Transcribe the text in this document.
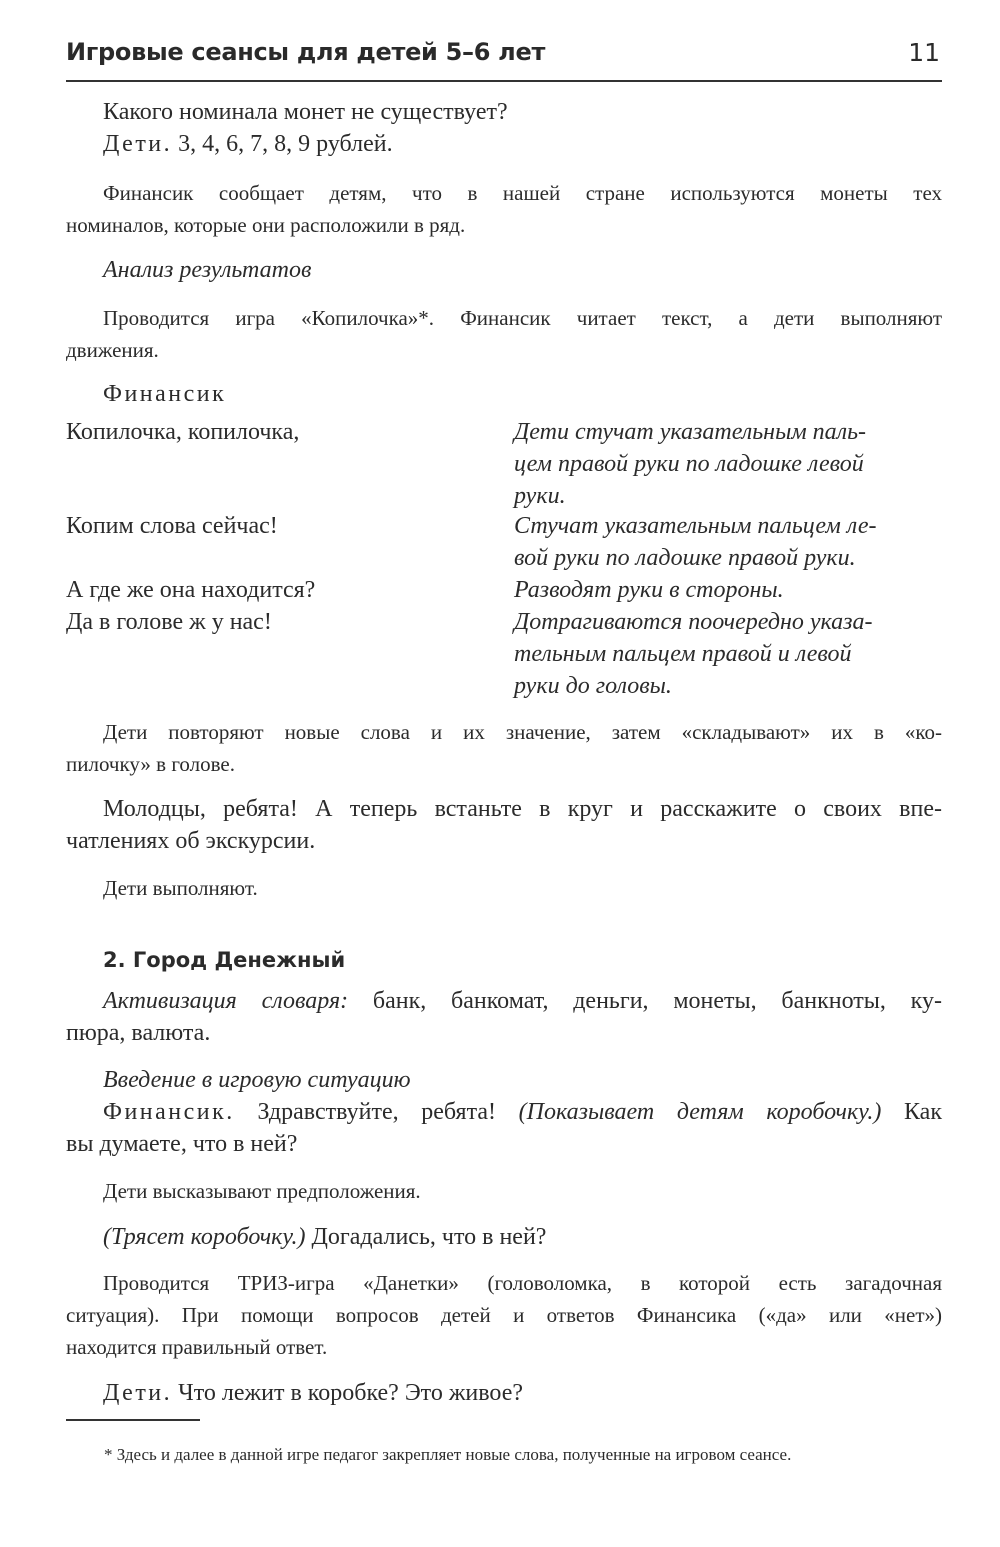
Игровые сеансы для детей 5–6 лет	11
Какого номинала монет не существует?
Дети. 3, 4, 6, 7, 8, 9 рублей.
Финансик сообщает детям, что в нашей стране используются монеты тех
номиналов, которые они расположили в ряд.
Анализ результатов
Проводится игра «Копилочка»*. Финансик читает текст, а дети выполняют
движения.
Финансик
Копилочка, копилочка,	Дети стучат указательным паль-
цем правой руки по ладошке левой
руки.
Копим слова сейчас!	Стучат указательным пальцем ле-
вой руки по ладошке правой руки.
А где же она находится?	Разводят руки в стороны.
Да в голове ж у нас!	Дотрагиваются поочередно указа-
тельным пальцем правой и левой
руки до головы.
Дети повторяют новые слова и их значение, затем «складывают» их в «ко-
пилочку» в голове.
Молодцы, ребята! А теперь встаньте в круг и расскажите о своих впе-
чатлениях об экскурсии.
Дети выполняют.
2. Город Денежный
Активизация словаря: банк, банкомат, деньги, монеты, банкноты, ку-
пюра, валюта.
Введение в игровую ситуацию
Финансик. Здравствуйте, ребята! (Показывает детям коробочку.) Как
вы думаете, что в ней?
Дети высказывают предположения.
(Трясет коробочку.) Догадались, что в ней?
Проводится ТРИЗ-игра «Данетки» (головоломка, в которой есть загадочная
ситуация). При помощи вопросов детей и ответов Финансика («да» или «нет»)
находится правильный ответ.
Дети. Что лежит в коробке? Это живое?
* Здесь и далее в данной игре педагог закрепляет новые слова, полученные на игровом сеансе.
